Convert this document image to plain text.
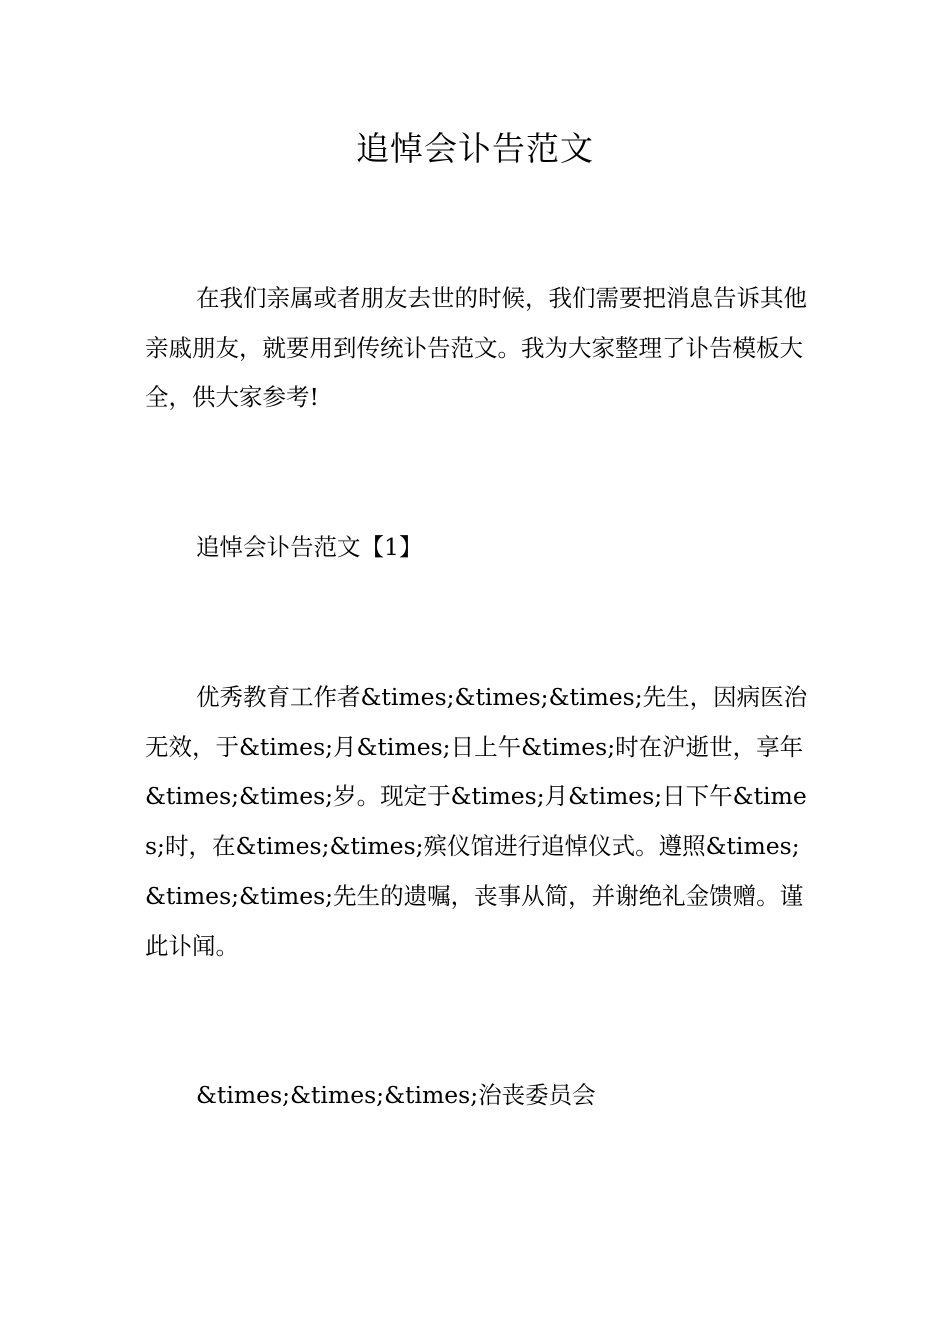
追悼会讣告范文

在我们亲属或者朋友去世的时候，我们需要把消息告诉其他亲戚朋友，就要用到传统讣告范文。我为大家整理了讣告模板大全，供大家参考!

追悼会讣告范文【1】

优秀教育工作者&times;&times;&times;先生，因病医治无效，于&times;月&times;日上午&times;时在沪逝世，享年&times;&times;岁。现定于&times;月&times;日下午&times;时，在&times;&times;殡仪馆进行追悼仪式。遵照&times;&times;&times;先生的遗嘱，丧事从简，并谢绝礼金馈赠。谨此讣闻。

&times;&times;&times;治丧委员会
